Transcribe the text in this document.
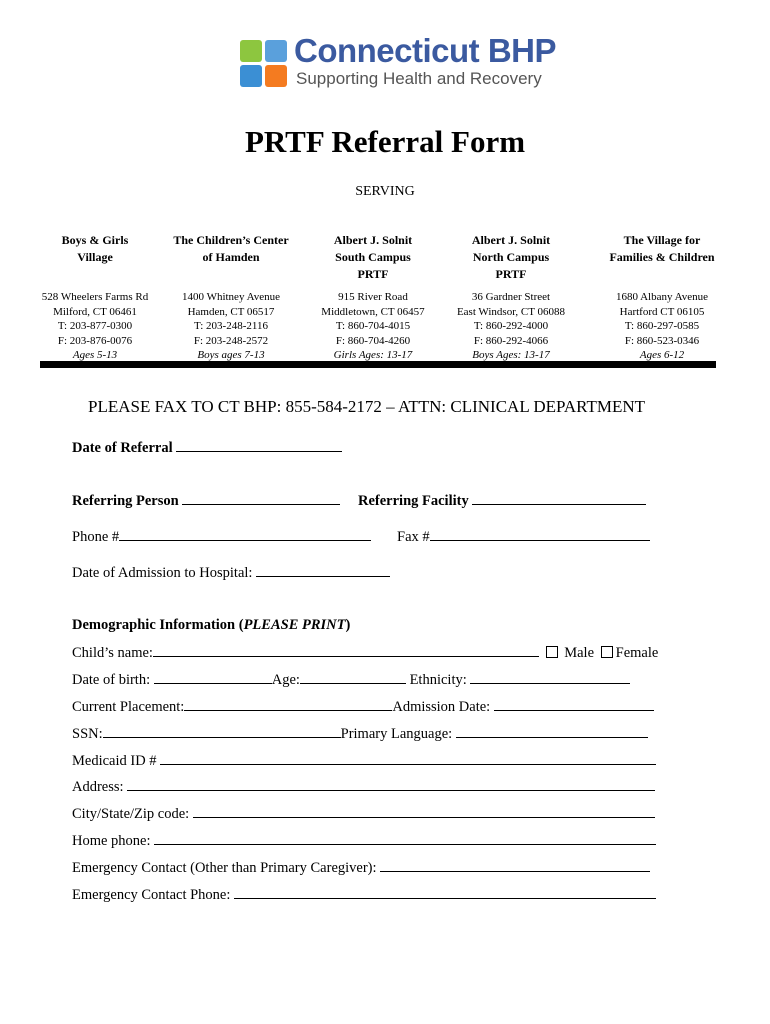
Connecticut BHP
Supporting Health and Recovery
PRTF Referral Form
SERVING
Boys & Girls
Village
528 Wheelers Farms Rd
Milford, CT 06461
T: 203-877-0300
F: 203-876-0076
Ages 5-13
The Children’s Center
of Hamden
1400 Whitney Avenue
Hamden, CT 06517
T: 203-248-2116
F: 203-248-2572
Boys ages 7-13
Albert J. Solnit
South Campus
PRTF
915 River Road
Middletown, CT 06457
T: 860-704-4015
F: 860-704-4260
Girls Ages: 13-17
Albert J. Solnit
North Campus
PRTF
36 Gardner Street
East Windsor, CT 06088
T: 860-292-4000
F: 860-292-4066
Boys Ages: 13-17
The Village for
Families & Children
1680 Albany Avenue
Hartford CT 06105
T: 860-297-0585
F: 860-523-0346
Ages 6-12
PLEASE FAX TO CT BHP: 855-584-2172 – ATTN: CLINICAL DEPARTMENT
Date of Referral
Referring Person	Referring Facility
Phone #	Fax #
Date of Admission to Hospital:
Demographic Information (PLEASE PRINT)
Child’s name:	Male Female
Date of birth:	Age:	Ethnicity:
Current Placement:	Admission Date:
SSN:	Primary Language:
Medicaid ID #
Address:
City/State/Zip code:
Home phone:
Emergency Contact (Other than Primary Caregiver):
Emergency Contact Phone:
